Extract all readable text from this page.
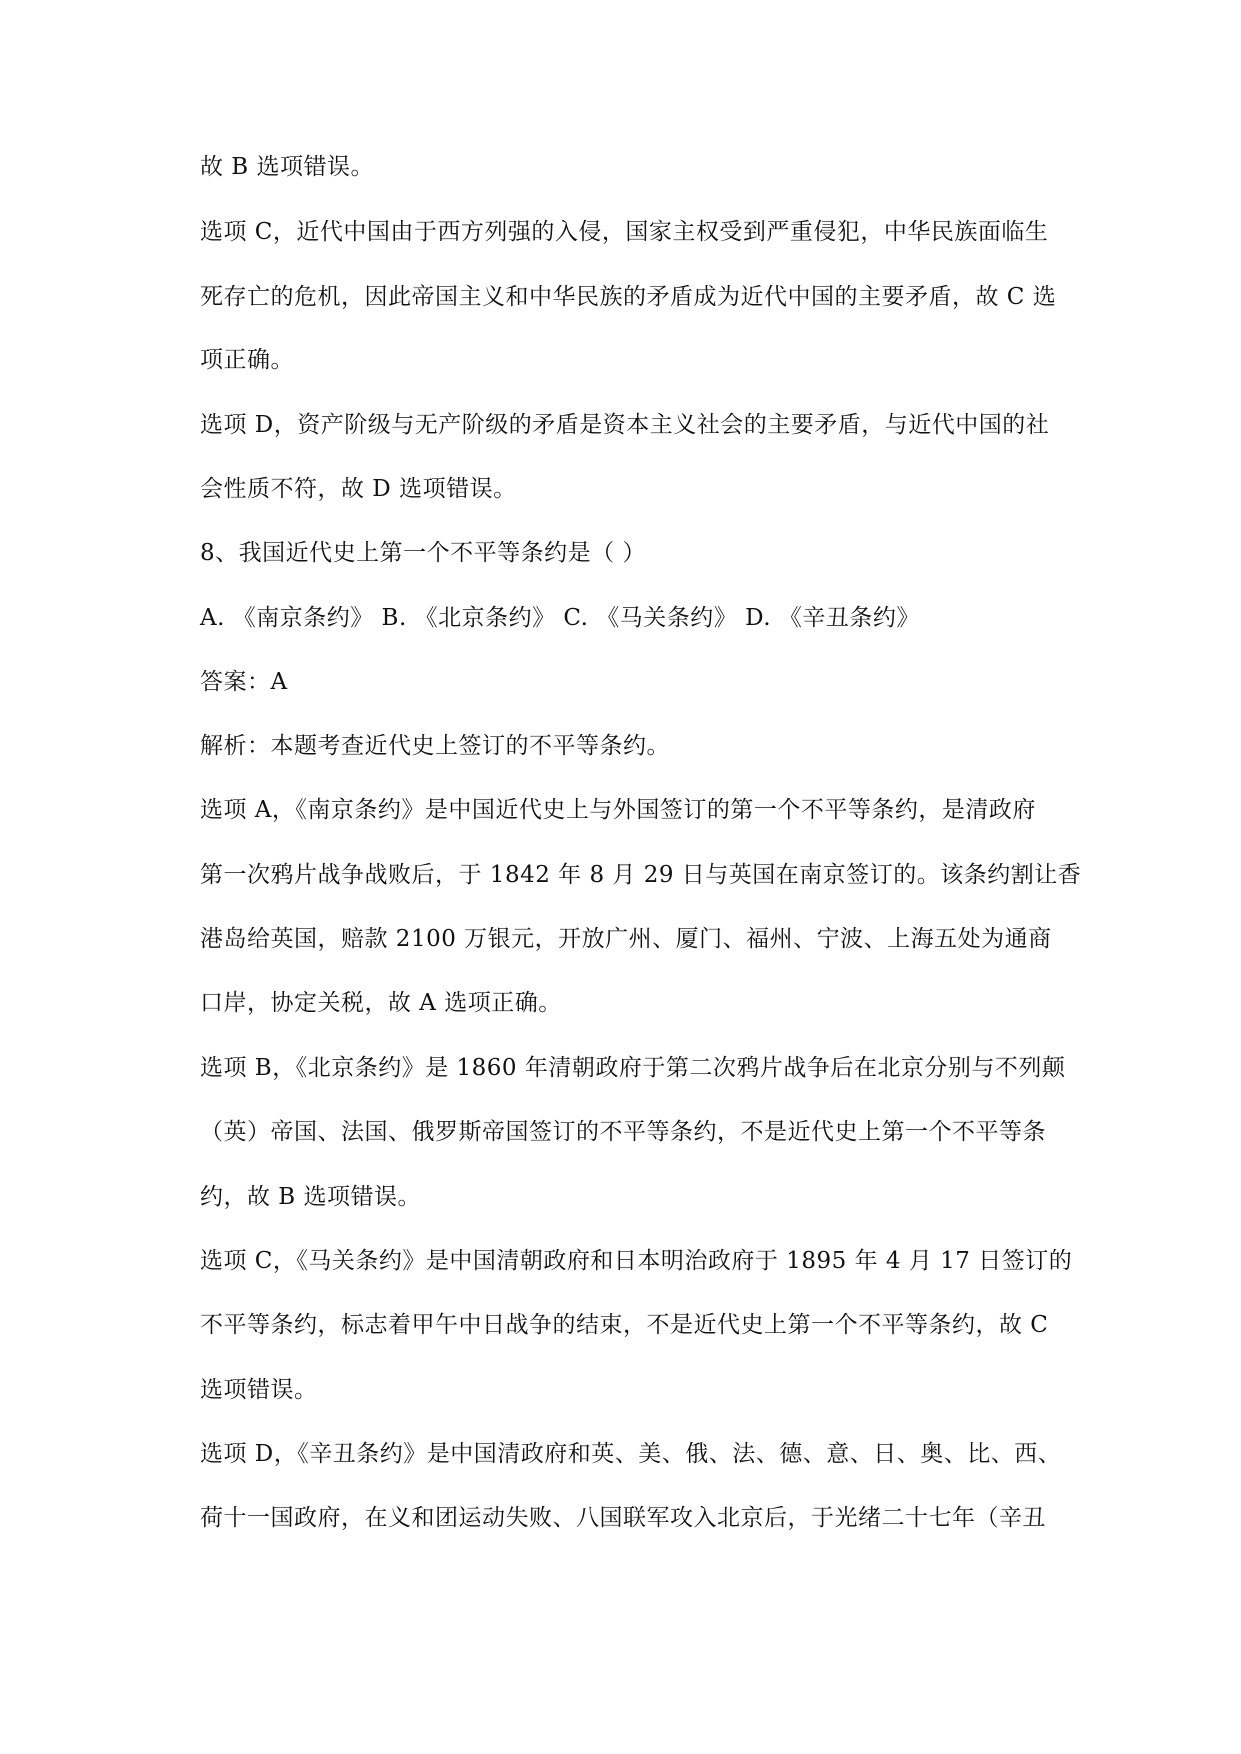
故 B 选项错误。
选项 C，近代中国由于西方列强的入侵，国家主权受到严重侵犯，中华民族面临生
死存亡的危机，因此帝国主义和中华民族的矛盾成为近代中国的主要矛盾，故 C 选
项正确。
选项 D，资产阶级与无产阶级的矛盾是资本主义社会的主要矛盾，与近代中国的社
会性质不符，故 D 选项错误。
8、我国近代史上第一个不平等条约是（ ）
A. 《南京条约》 B. 《北京条约》 C. 《马关条约》 D. 《辛丑条约》
答案：A
解析：本题考查近代史上签订的不平等条约。
选项 A，《南京条约》是中国近代史上与外国签订的第一个不平等条约，是清政府
第一次鸦片战争战败后，于 1842 年 8 月 29 日与英国在南京签订的。该条约割让香
港岛给英国，赔款 2100 万银元，开放广州、厦门、福州、宁波、上海五处为通商
口岸，协定关税，故 A 选项正确。
选项 B，《北京条约》是 1860 年清朝政府于第二次鸦片战争后在北京分别与不列颠
（英）帝国、法国、俄罗斯帝国签订的不平等条约，不是近代史上第一个不平等条
约，故 B 选项错误。
选项 C，《马关条约》是中国清朝政府和日本明治政府于 1895 年 4 月 17 日签订的
不平等条约，标志着甲午中日战争的结束，不是近代史上第一个不平等条约，故 C
选项错误。
选项 D，《辛丑条约》是中国清政府和英、美、俄、法、德、意、日、奥、比、西、
荷十一国政府，在义和团运动失败、八国联军攻入北京后，于光绪二十七年（辛丑
